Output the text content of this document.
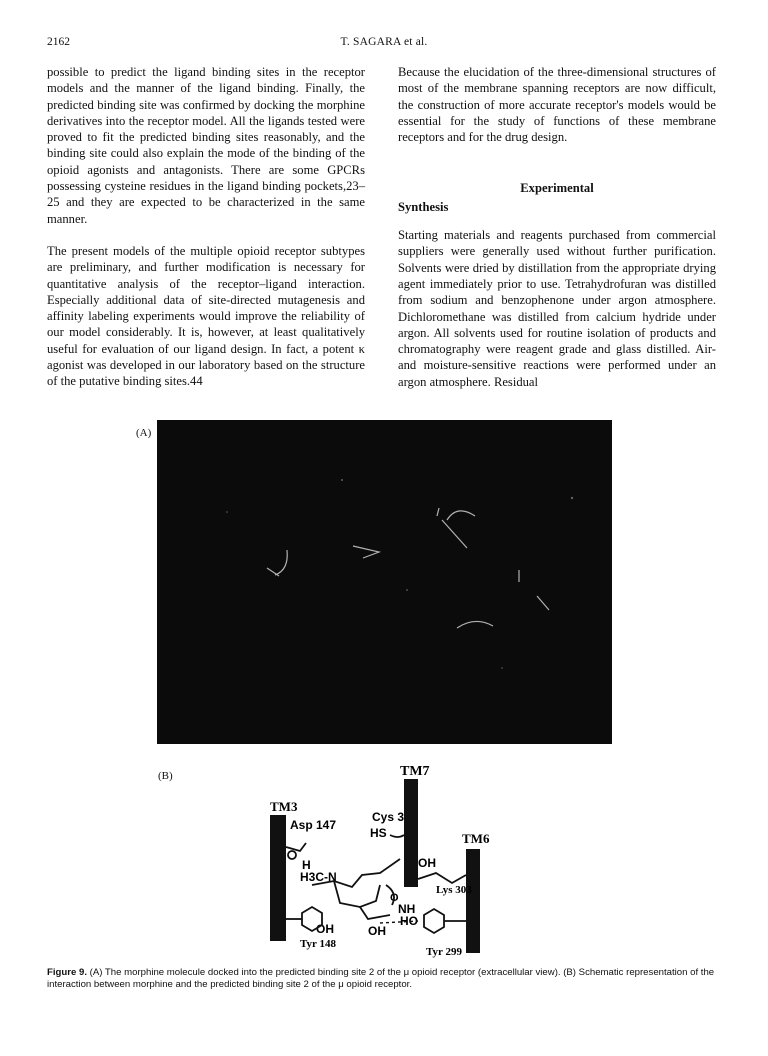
2162	T. SAGARA et al.

possible to predict the ligand binding sites in the receptor models and the manner of the ligand binding. Finally, the predicted binding site was confirmed by docking the morphine derivatives into the receptor model. All the ligands tested were proved to fit the predicted binding sites reasonably, and the binding site could also explain the mode of the binding of the opioid agonists and antagonists. There are some GPCRs possessing cysteine residues in the ligand binding pockets,23–25 and they are expected to be characterized in the same manner.

The present models of the multiple opioid receptor subtypes are preliminary, and further modification is necessary for quantitative analysis of the receptor–ligand interaction. Especially additional data of site-directed mutagenesis and affinity labeling experiments would improve the reliability of our model considerably. It is, however, at least qualitatively useful for evaluation of our ligand design. In fact, a potent κ agonist was developed in our laboratory based on the structure of the putative binding sites.44

Because the elucidation of the three-dimensional structures of most of the membrane spanning receptors are now difficult, the construction of more accurate receptor's models would be essential for the study of functions of these membrane receptors and for the drug design.

Experimental
Synthesis

Starting materials and reagents purchased from commercial suppliers were generally used without further purification. Solvents were dried by distillation from the appropriate drying agent immediately prior to use. Tetrahydrofuran was distilled from sodium and benzophenone under argon atmosphere. Dichloromethane was distilled from calcium hydride under argon. All solvents used for routine isolation of products and chromatography were reagent grade and glass distilled. Air- and moisture-sensitive reactions were performed under an argon atmosphere. Residual

(A)
(B)	TM7
TM3
TM6
Asp 147
Cys 3
HS
OH
Lys 303
H
H3C-N
O
NH
HO
OH	OH
Tyr 148
Tyr 299
Figure 9. (A) The morphine molecule docked into the predicted binding site 2 of the μ opioid receptor (extracellular view). (B) Schematic representation of the interaction between morphine and the predicted binding site 2 of the μ opioid receptor.
